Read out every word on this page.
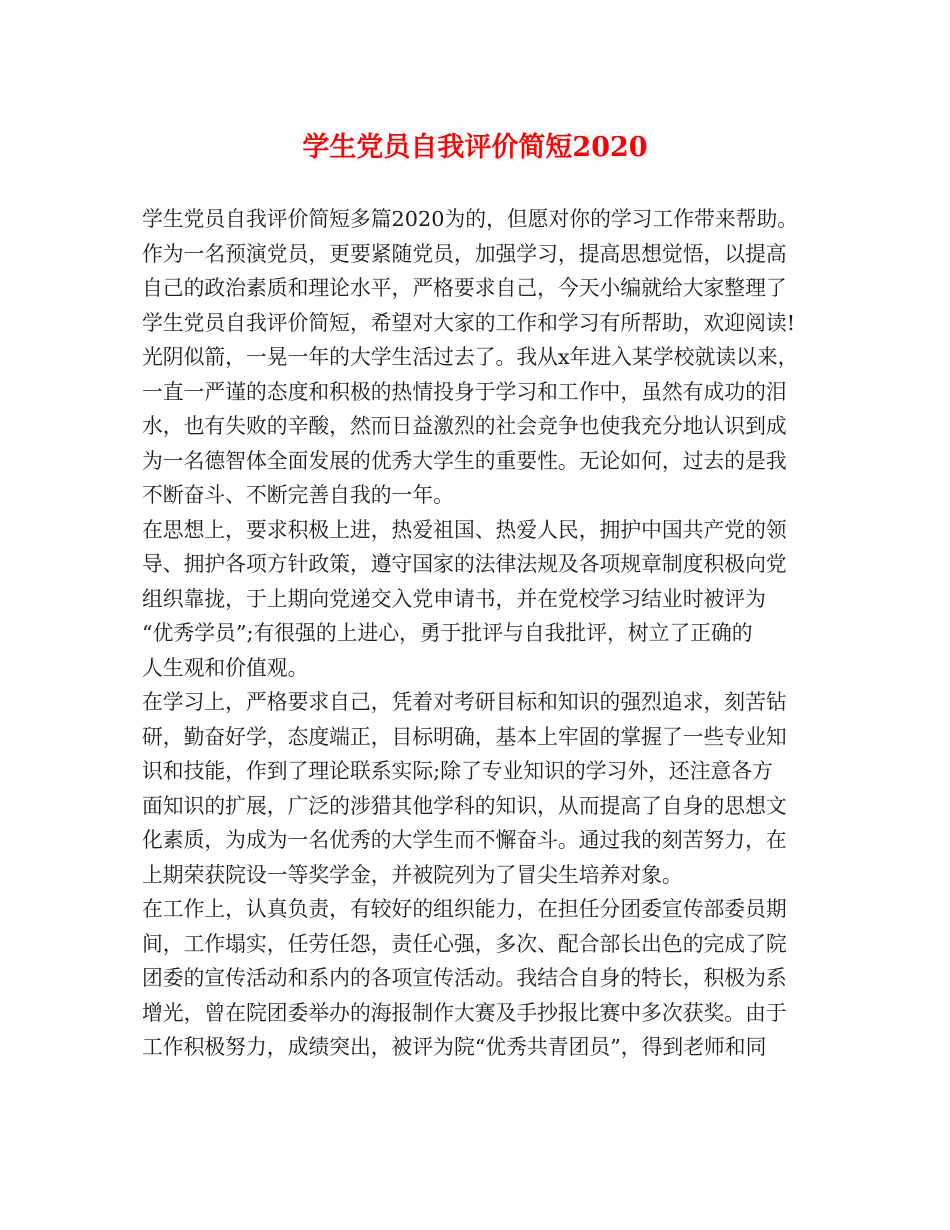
学生党员自我评价简短2020
学生党员自我评价简短多篇2020为的，但愿对你的学习工作带来帮助。
作为一名预演党员，更要紧随党员，加强学习，提高思想觉悟，以提高
自己的政治素质和理论水平，严格要求自己，今天小编就给大家整理了
学生党员自我评价简短，希望对大家的工作和学习有所帮助，欢迎阅读!
光阴似箭，一晃一年的大学生活过去了。我从x年进入某学校就读以来，
一直一严谨的态度和积极的热情投身于学习和工作中，虽然有成功的泪
水，也有失败的辛酸，然而日益激烈的社会竞争也使我充分地认识到成
为一名德智体全面发展的优秀大学生的重要性。无论如何，过去的是我
不断奋斗、不断完善自我的一年。
在思想上，要求积极上进，热爱祖国、热爱人民，拥护中国共产党的领
导、拥护各项方针政策，遵守国家的法律法规及各项规章制度积极向党
组织靠拢，于上期向党递交入党申请书，并在党校学习结业时被评为
“优秀学员”;有很强的上进心，勇于批评与自我批评，树立了正确的
人生观和价值观。
在学习上，严格要求自己，凭着对考研目标和知识的强烈追求，刻苦钻
研，勤奋好学，态度端正，目标明确，基本上牢固的掌握了一些专业知
识和技能，作到了理论联系实际;除了专业知识的学习外，还注意各方
面知识的扩展，广泛的涉猎其他学科的知识，从而提高了自身的思想文
化素质，为成为一名优秀的大学生而不懈奋斗。通过我的刻苦努力，在
上期荣获院设一等奖学金，并被院列为了冒尖生培养对象。
在工作上，认真负责，有较好的组织能力，在担任分团委宣传部委员期
间，工作塌实，任劳任怨，责任心强，多次、配合部长出色的完成了院
团委的宣传活动和系内的各项宣传活动。我结合自身的特长，积极为系
增光，曾在院团委举办的海报制作大赛及手抄报比赛中多次获奖。由于
工作积极努力，成绩突出，被评为院“优秀共青团员”，得到老师和同
